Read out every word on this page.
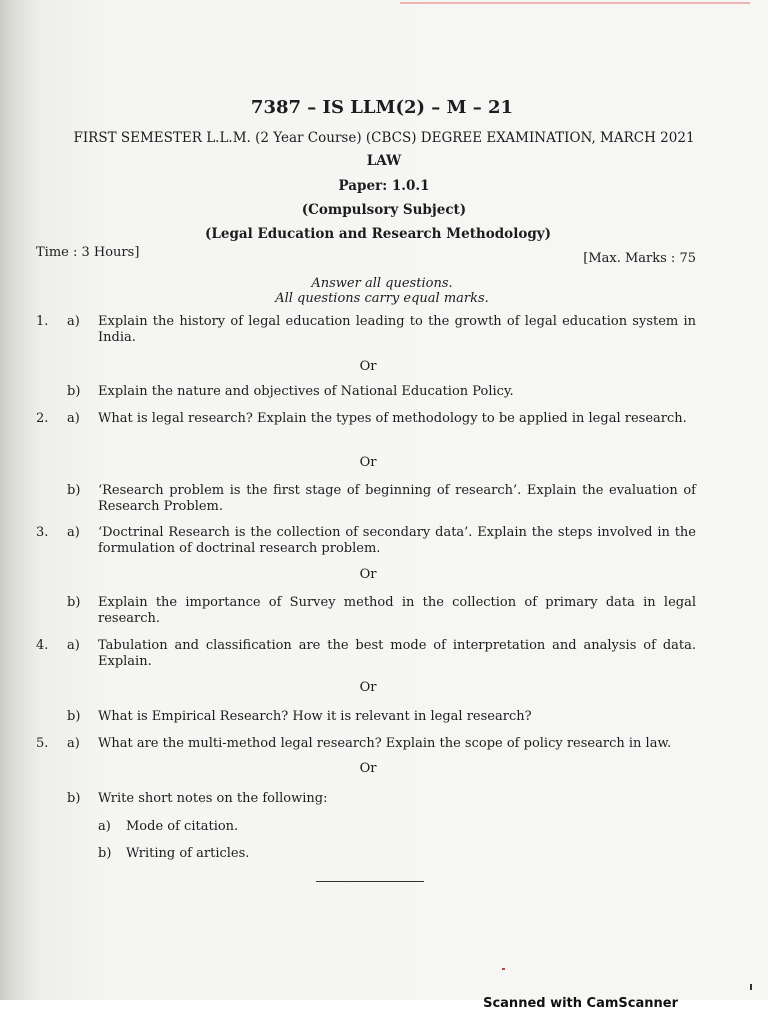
7387 – IS LLM(2) – M – 21
FIRST SEMESTER L.L.M. (2 Year Course) (CBCS) DEGREE EXAMINATION, MARCH 2021
LAW
Paper: 1.0.1
(Compulsory Subject)
(Legal Education and Research Methodology)
Time : 3 Hours]	[Max. Marks : 75
Answer all questions.
All questions carry equal marks.
1. a) Explain the history of legal education leading to the growth of legal education system in India.
Or
b) Explain the nature and objectives of National Education Policy.
2. a) What is legal research? Explain the types of methodology to be applied in legal research.
Or
b) ‘Research problem is the first stage of beginning of research’. Explain the evaluation of Research Problem.
3. a) ‘Doctrinal Research is the collection of secondary data’. Explain the steps involved in the formulation of doctrinal research problem.
Or
b) Explain the importance of Survey method in the collection of primary data in legal research.
4. a) Tabulation and classification are the best mode of interpretation and analysis of data. Explain.
Or
b) What is Empirical Research? How it is relevant in legal research?
5. a) What are the multi-method legal research? Explain the scope of policy research in law.
Or
b) Write short notes on the following:
a) Mode of citation.
b) Writing of articles.
Scanned with CamScanner
